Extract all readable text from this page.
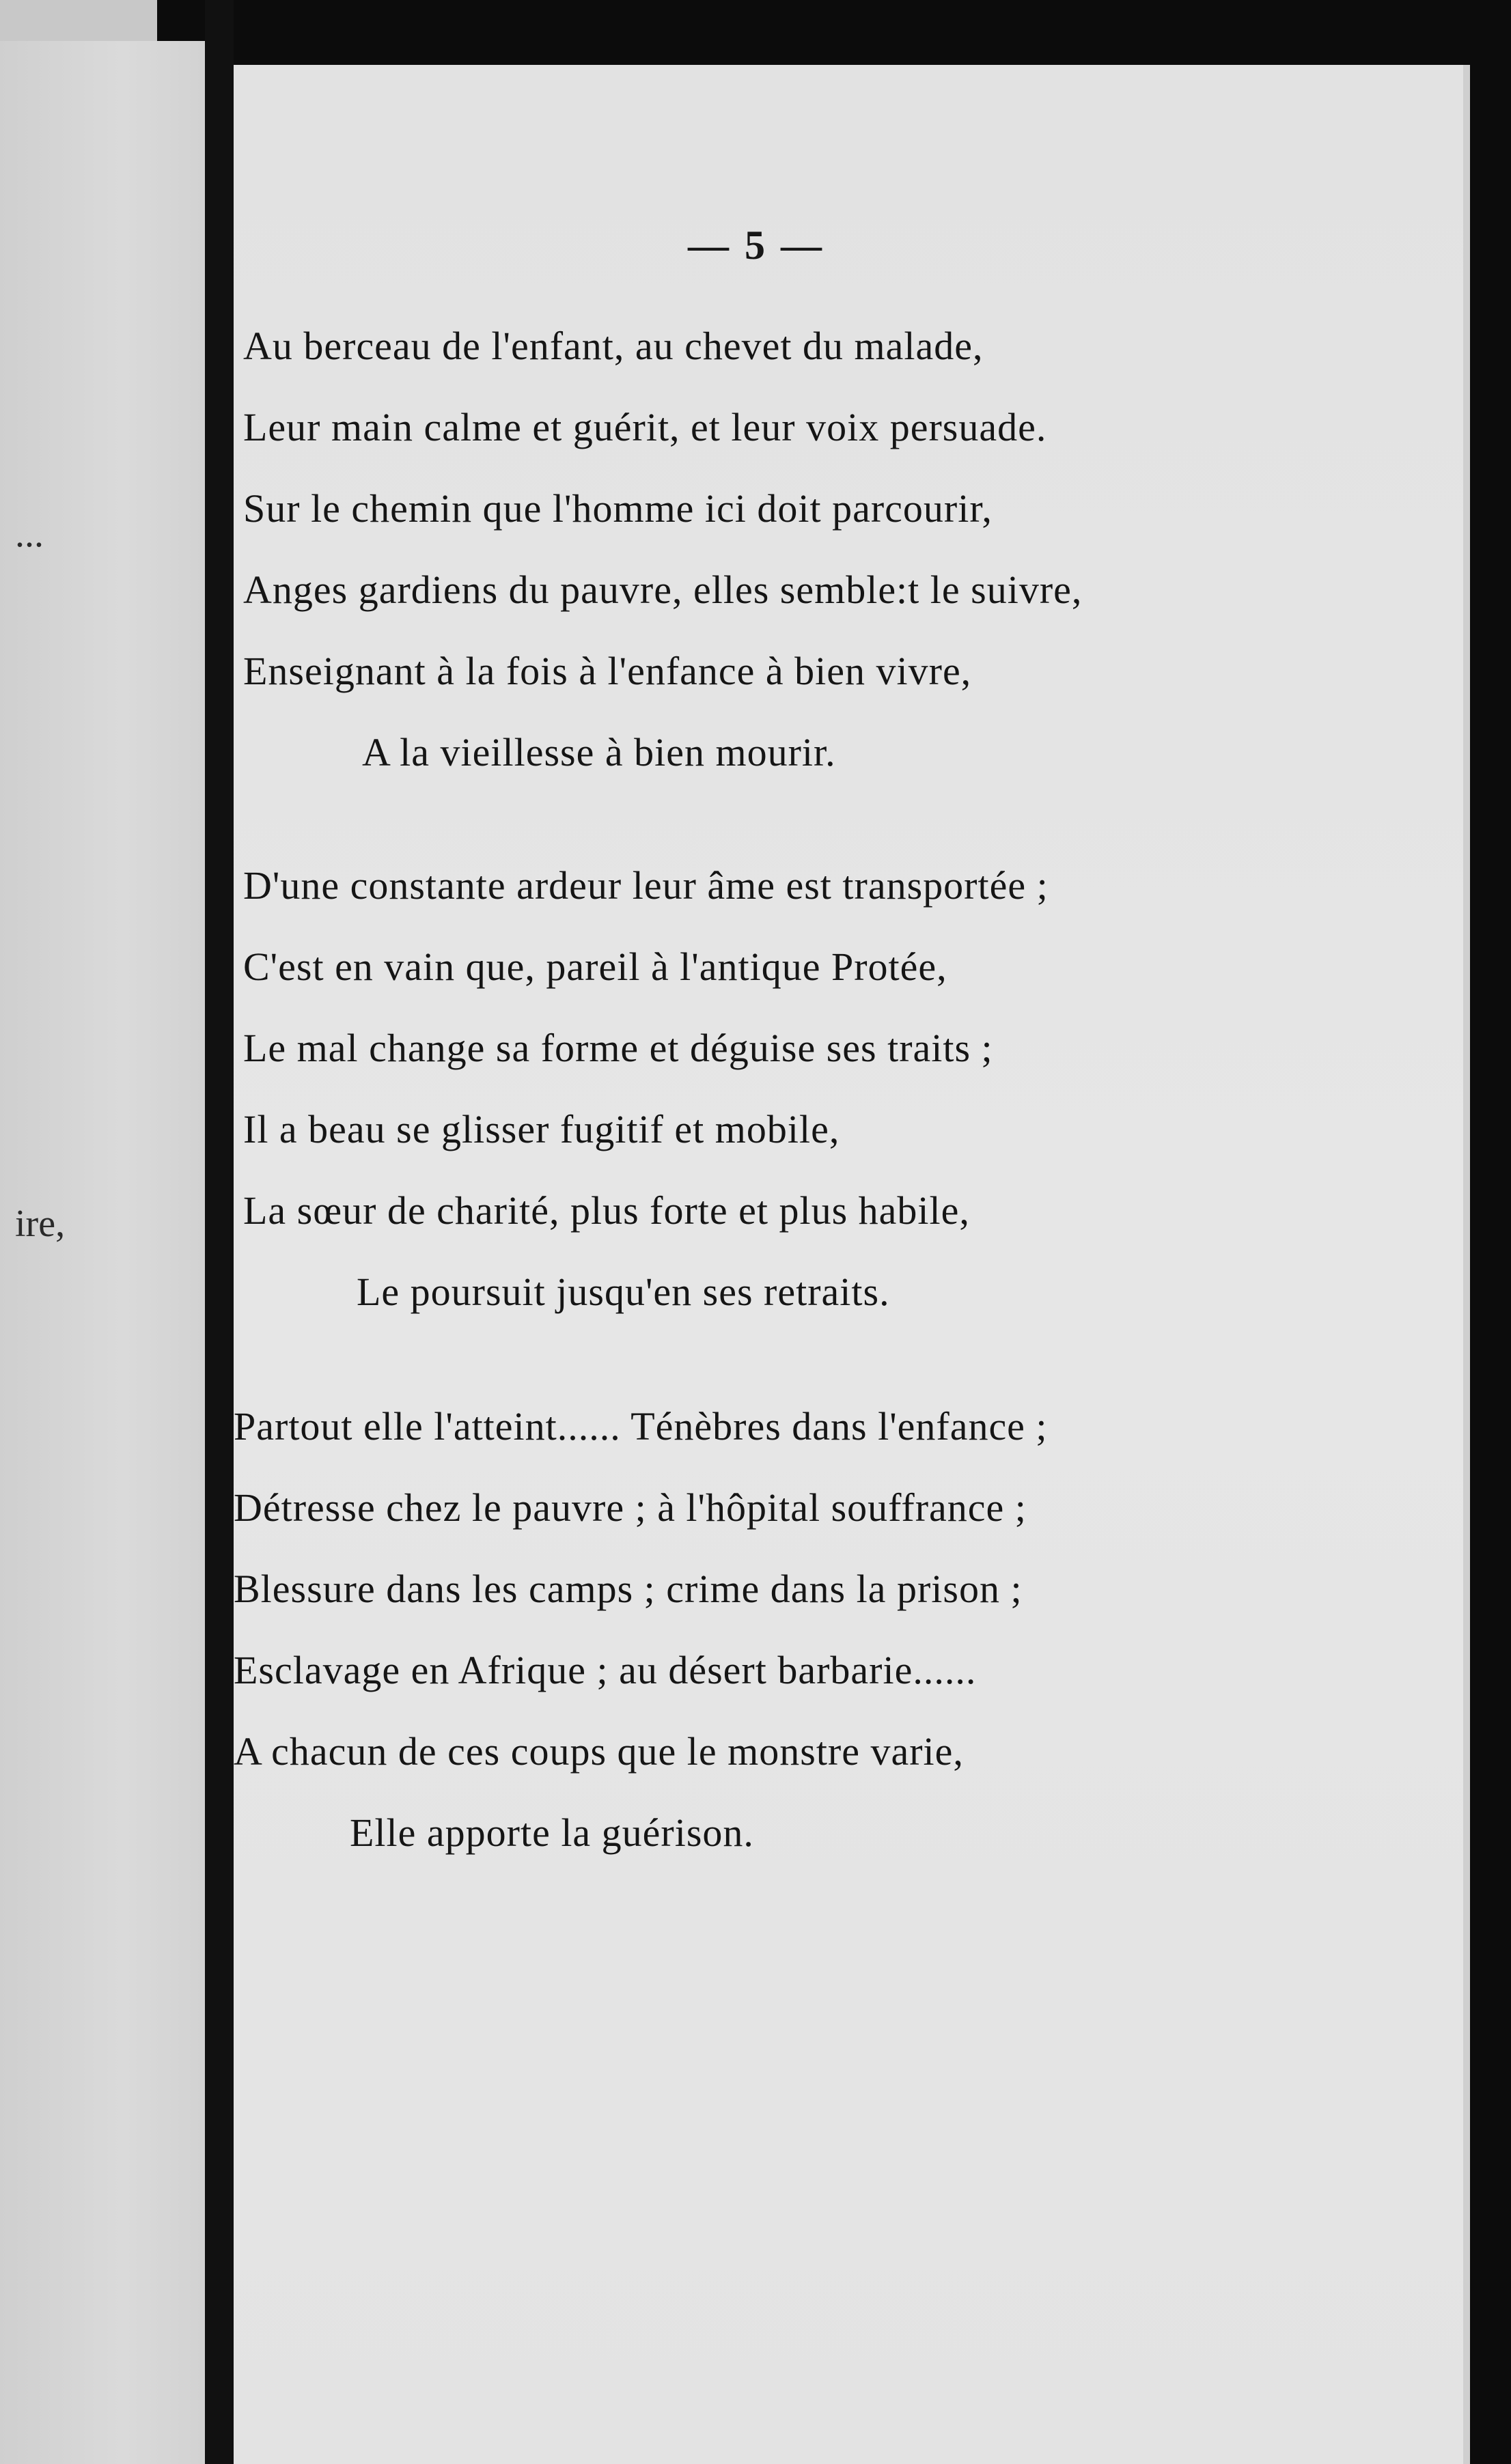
...
ire,
— 5 —
Au berceau de l'enfant, au chevet du malade,
Leur main calme et guérit, et leur voix persuade.
Sur le chemin que l'homme ici doit parcourir,
Anges gardiens du pauvre, elles semble:t le suivre,
Enseignant à la fois à l'enfance à bien vivre,
A la vieillesse à bien mourir.
D'une constante ardeur leur âme est transportée ;
C'est en vain que, pareil à l'antique Protée,
Le mal change sa forme et déguise ses traits ;
Il a beau se glisser fugitif et mobile,
La sœur de charité, plus forte et plus habile,
Le poursuit jusqu'en ses retraits.
Partout elle l'atteint...... Ténèbres dans l'enfance ;
Détresse chez le pauvre ; à l'hôpital souffrance ;
Blessure dans les camps ; crime dans la prison ;
Esclavage en Afrique ; au désert barbarie......
A chacun de ces coups que le monstre varie,
Elle apporte la guérison.
